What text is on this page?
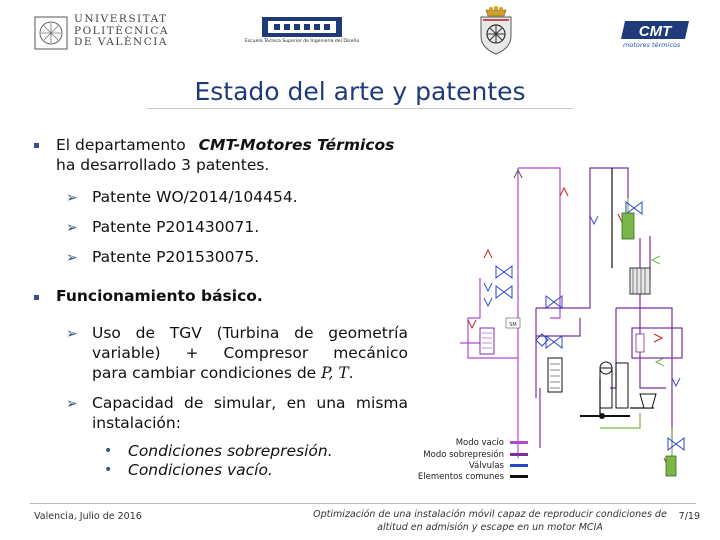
UNIVERSITAT
POLITÈCNICA
DE VALÈNCIA	Escuela Técnica Superior de Ingeniería del Diseño
CMT
motores térmicos
Estado del arte y patentes
El departamento CMT-Motores Térmicos
ha desarrollado 3 patentes.
➢ Patente WO/2014/104454.
➢ Patente P201430071.
➢ Patente P201530075.
Funcionamiento básico.
➢ Uso de TGV (Turbina de geometría
variable) + Compresor mecánico
para cambiar condiciones de P, T.
➢ Capacidad de simular, en una misma
instalación:
• Condiciones sobrepresión.
• Condiciones vacío.
SM
Modo vacío
Modo sobrepresión
Válvulas
Elementos comunes
Valencia, Julio de 2016	Optimización de una instalación móvil capaz de reproducir condiciones de
altitud en admisión y escape en un motor MCIA
7/19
